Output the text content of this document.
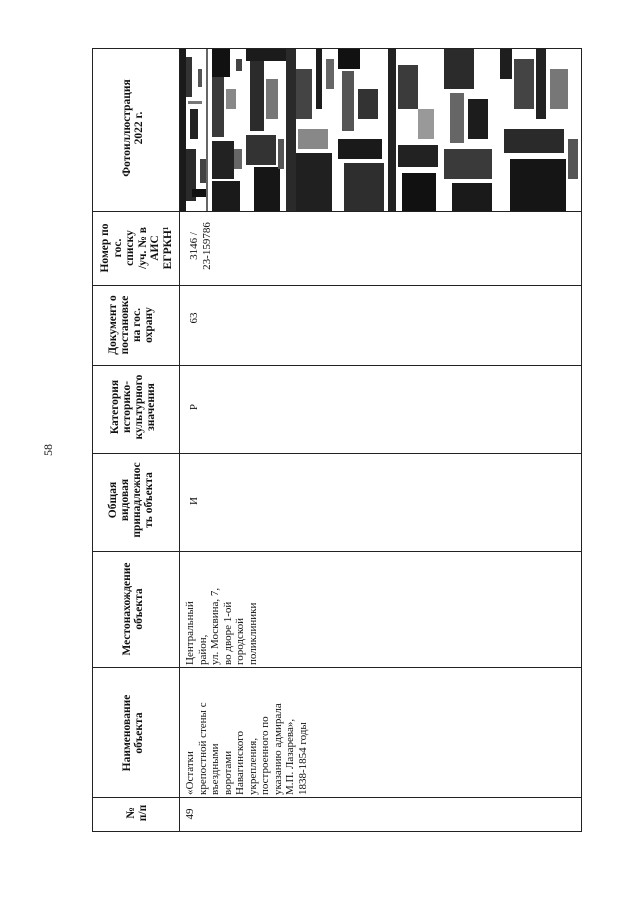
58
Фотоиллюстрация 2022 г.
Номер по
гос.
списку
/уч. № в
АИС
ЕГРКН¹
Документ о
постановке
на гос.
охрану
Категория
историко-
культурного
значения
Общая
видовая
принадлежнос
ть объекта
Местонахождение
объекта
Наименование
объекта
№
п/п
3146 / 23-159786
63
Р
И
Центральный район, ул. Москвина, 7, во дворе 1-ой городской поликлиники
«Остатки крепостной стены с въездными воротами Навагинского укрепления, построенного по указанию адмирала М.П. Лазарева», 1838-1854 годы
49
